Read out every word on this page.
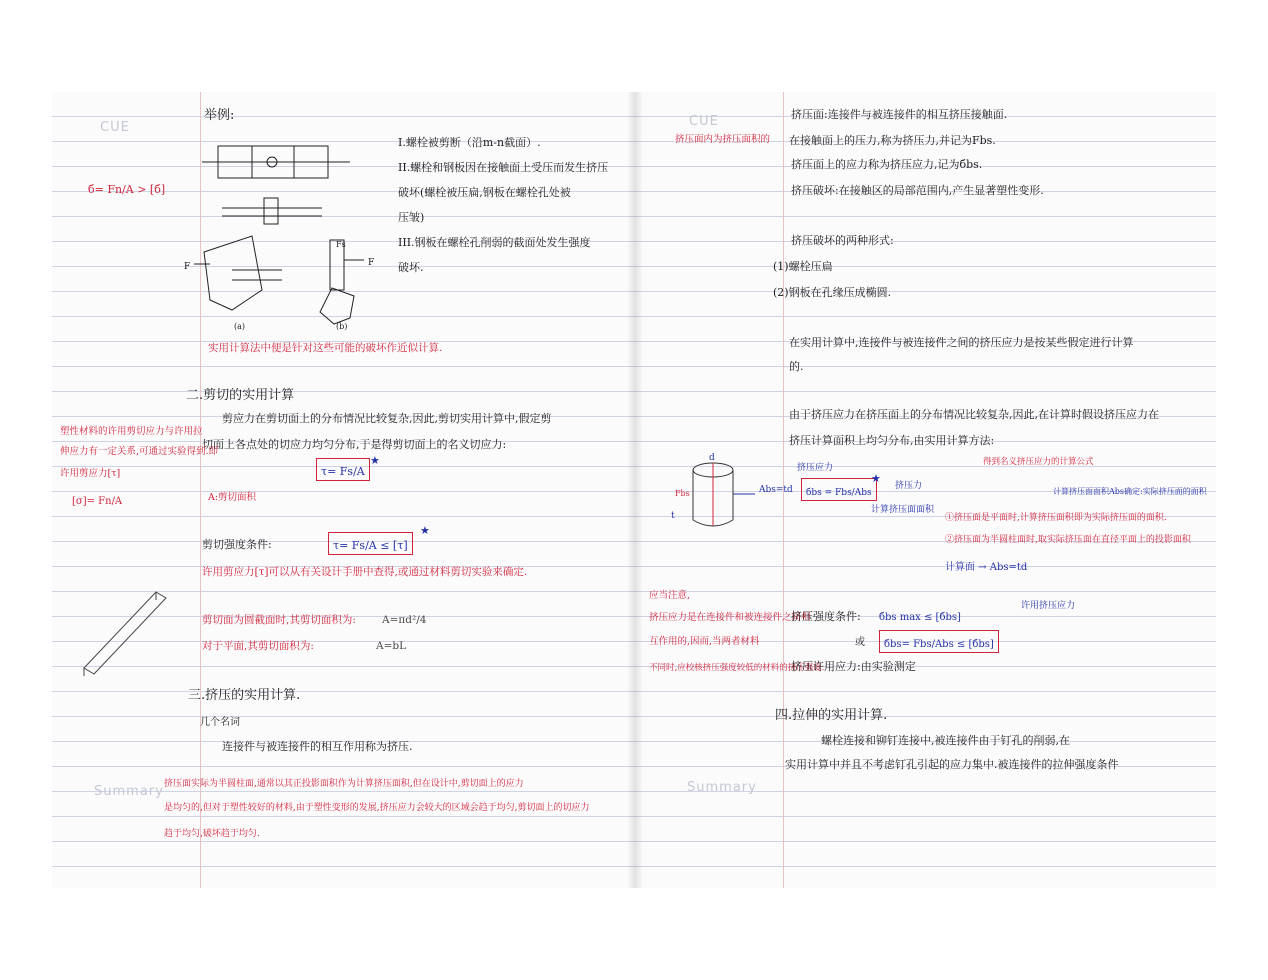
CUE
Summary
б= Fn/A > [б]
举例:
F	F
(a)	(b)
Fs
I.螺栓被剪断（沿m-n截面）.
II.螺栓和钢板因在接触面上受压而发生挤压
破坏(螺栓被压扁,钢板在螺栓孔处被
压皱)
III.钢板在螺栓孔削弱的截面处发生强度
破坏.
实用计算法中便是针对这些可能的破坏作近似计算.
二.剪切的实用计算
剪应力在剪切面上的分布情况比较复杂,因此,剪切实用计算中,假定剪
切面上各点处的切应力均匀分布,于是得剪切面上的名义切应力:
τ= Fs/A
★
A:剪切面积
剪切强度条件:	τ= Fs/A ≤ [τ]
★
许用剪应力[τ]可以从有关设计手册中查得,或通过材料剪切实验来确定.
剪切面为圆截面时,其剪切面积为: A=πd²/4
对于平面,其剪切面积为:	A=bL
塑性材料的许用剪切应力与许用拉
伸应力有一定关系,可通过实验得到.即
许用剪应力[τ]
[σ]= Fn/A
三.挤压的实用计算.
几个名词
连接件与被连接件的相互作用称为挤压.
挤压面实际为半圆柱面,通常以其正投影面积作为计算挤压面积,但在设计中,剪切面上的应力
是均匀的,但对于塑性较好的材料,由于塑性变形的发展,挤压应力会较大的区域会趋于均匀,剪切面上的切应力
趋于均匀,破坏趋于均匀.
CUE
Summary
挤压面内为挤压面积的
挤压面:连接件与被连接件的相互挤压接触面.
在接触面上的压力,称为挤压力,并记为Fbs.
挤压面上的应力称为挤压应力,记为бbs.
挤压破坏:在接触区的局部范围内,产生显著塑性变形.
挤压破坏的两种形式:
(1)螺栓压扁
(2)钢板在孔缘压成椭圆.
在实用计算中,连接件与被连接件之间的挤压应力是按某些假定进行计算
的.
由于挤压应力在挤压面上的分布情况比较复杂,因此,在计算时假设挤压应力在
挤压计算面积上均匀分布,由实用计算方法:
得到名义挤压应力的计算公式
Abs=td
d
t
Fbs
挤压应力
бbs = Fbs/Abs
★
挤压力
计算挤压面面积
计算挤压面面积Abs确定:实际挤压面的面积
①挤压面是平面时,计算挤压面积即为实际挤压面的面积.
②挤压面为半圆柱面时,取实际挤压面在直径平面上的投影面积
计算面 → Abs=td
应当注意,
挤压应力是在连接件和被连接件之间相
互作用的,因而,当两者材料
不同时,应校核挤压强度较低的材料的挤压强度.
挤压强度条件: бbs max ≤ [бbs]
许用挤压应力
或	бbs= Fbs/Abs ≤ [бbs]
挤压许用应力:由实验测定
四.拉伸的实用计算.
螺栓连接和铆钉连接中,被连接件由于钉孔的削弱,在
实用计算中并且不考虑钉孔引起的应力集中.被连接件的拉伸强度条件
